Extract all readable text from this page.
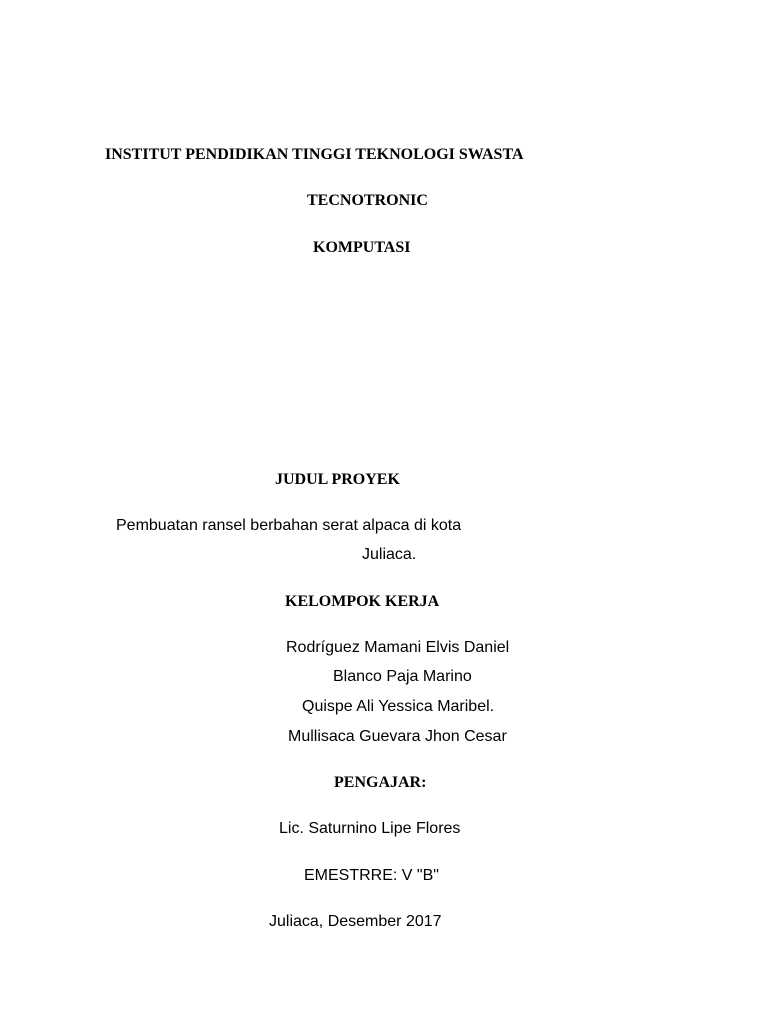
INSTITUT PENDIDIKAN TINGGI TEKNOLOGI SWASTA
TECNOTRONIC
KOMPUTASI
JUDUL PROYEK
Pembuatan ransel berbahan serat alpaca di kota
Juliaca.
KELOMPOK KERJA
Rodríguez Mamani Elvis Daniel
Blanco Paja Marino
Quispe Ali Yessica Maribel.
Mullisaca Guevara Jhon Cesar
PENGAJAR:
Lic. Saturnino Lipe Flores
EMESTRRE: V "B"
Juliaca, Desember 2017
